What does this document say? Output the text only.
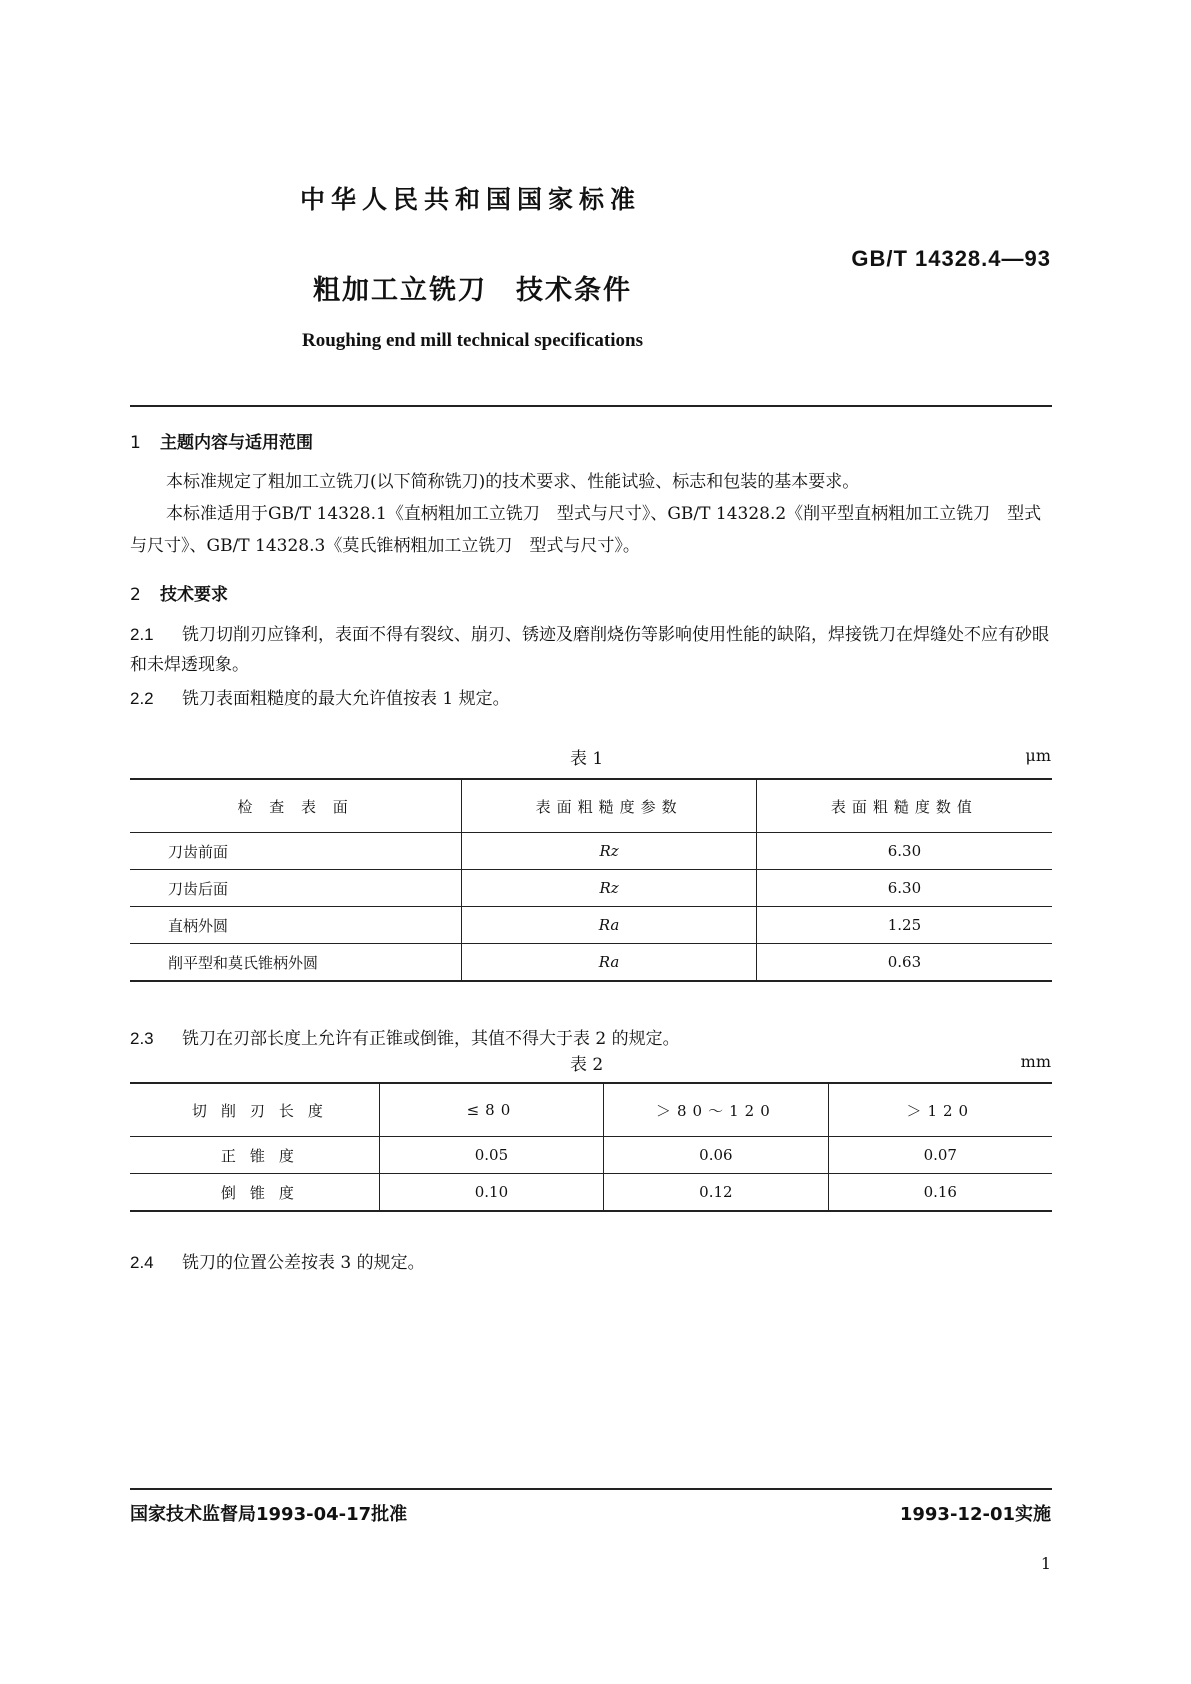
中华人民共和国国家标准
GB/T 14328.4—93
粗加工立铣刀　技术条件
Roughing end mill technical specifications
1 主题内容与适用范围
本标准规定了粗加工立铣刀(以下简称铣刀)的技术要求、性能试验、标志和包装的基本要求。
本标准适用于GB/T 14328.1《直柄粗加工立铣刀　型式与尺寸》、GB/T 14328.2《削平型直柄粗加工立铣刀　型式与尺寸》、GB/T 14328.3《莫氏锥柄粗加工立铣刀　型式与尺寸》。
2 技术要求
2.1 铣刀切削刃应锋利，表面不得有裂纹、崩刃、锈迹及磨削烧伤等影响使用性能的缺陷，焊接铣刀在焊缝处不应有砂眼和未焊透现象。
2.2 铣刀表面粗糙度的最大允许值按表 1 规定。
表 1	μm
检 查 表 面	表面粗糙度参数	表面粗糙度数值
刀齿前面	Rz	6.30
刀齿后面	Rz	6.30
直柄外圆	Ra	1.25
削平型和莫氏锥柄外圆	Ra	0.63
2.3 铣刀在刃部长度上允许有正锥或倒锥，其值不得大于表 2 的规定。
表 2	mm
切削刃长度	≤80	＞80～120	＞120
正锥度	0.05	0.06	0.07
倒锥度	0.10	0.12	0.16
2.4 铣刀的位置公差按表 3 的规定。
国家技术监督局1993-04-17批准	1993-12-01实施
1
